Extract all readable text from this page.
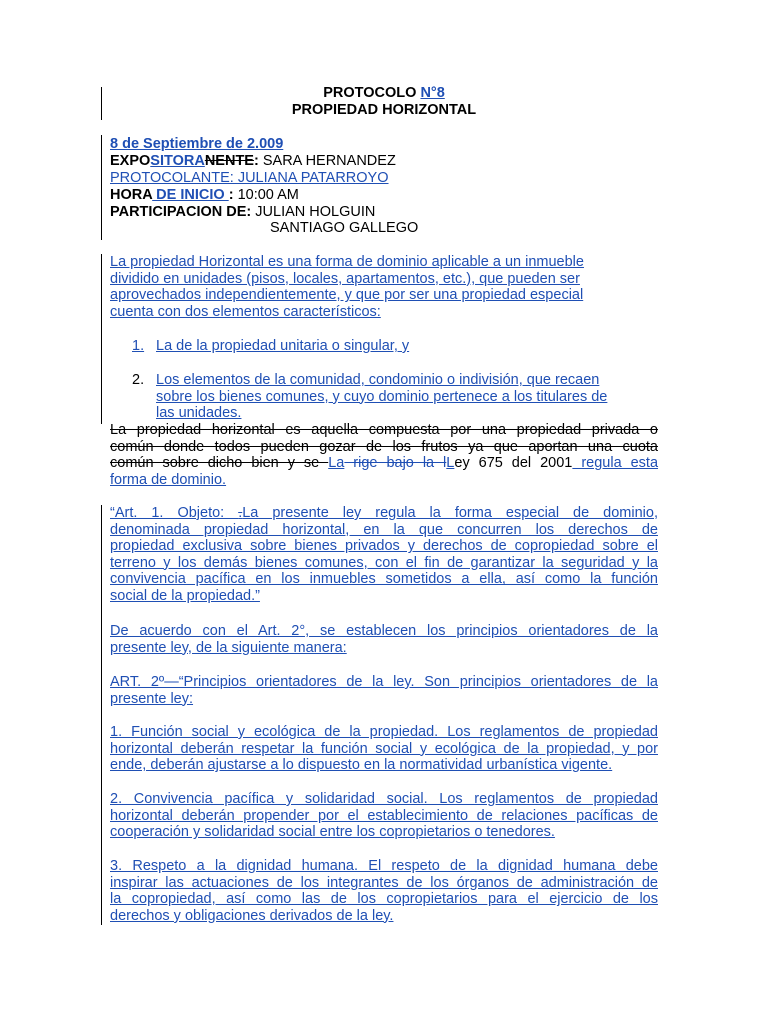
PROTOCOLO N°8
PROPIEDAD HORIZONTAL
8 de Septiembre de 2.009
EXPOSITORANENTE: SARA HERNANDEZ
PROTOCOLANTE: JULIANA PATARROYO
HORA DE INICIO : 10:00 AM
PARTICIPACION DE: JULIAN HOLGUIN
SANTIAGO GALLEGO
La propiedad Horizontal es una forma de dominio aplicable a un inmueble
dividido en unidades (pisos, locales, apartamentos, etc.), que pueden ser
aprovechados independientemente, y que por ser una propiedad especial
cuenta con dos elementos característicos:
1. La de la propiedad unitaria o singular, y
2. Los elementos de la comunidad, condominio o indivisión, que recaen
sobre los bienes comunes, y cuyo dominio pertenece a los titulares de
las unidades.
La propiedad horizontal es aquella compuesta por una propiedad privada o
común donde todos pueden gozar de los frutos ya que aportan una cuota
común sobre dicho bien y se La rige bajo la lLey 675 del 2001 regula esta
forma de dominio.
“Art. 1. Objeto: .La presente ley regula la forma especial de dominio,
denominada propiedad horizontal, en la que concurren los derechos de
propiedad exclusiva sobre bienes privados y derechos de copropiedad sobre el
terreno y los demás bienes comunes, con el fin de garantizar la seguridad y la
convivencia pacífica en los inmuebles sometidos a ella, así como la función
social de la propiedad.”
De acuerdo con el Art. 2°, se establecen los principios orientadores de la
presente ley, de la siguiente manera:
ART. 2º—“Principios orientadores de la ley. Son principios orientadores de la
presente ley:
1. Función social y ecológica de la propiedad. Los reglamentos de propiedad
horizontal deberán respetar la función social y ecológica de la propiedad, y por
ende, deberán ajustarse a lo dispuesto en la normatividad urbanística vigente.
2. Convivencia pacífica y solidaridad social. Los reglamentos de propiedad
horizontal deberán propender por el establecimiento de relaciones pacíficas de
cooperación y solidaridad social entre los copropietarios o tenedores.
3. Respeto a la dignidad humana. El respeto de la dignidad humana debe
inspirar las actuaciones de los integrantes de los órganos de administración de
la copropiedad, así como las de los copropietarios para el ejercicio de los
derechos y obligaciones derivados de la ley.
